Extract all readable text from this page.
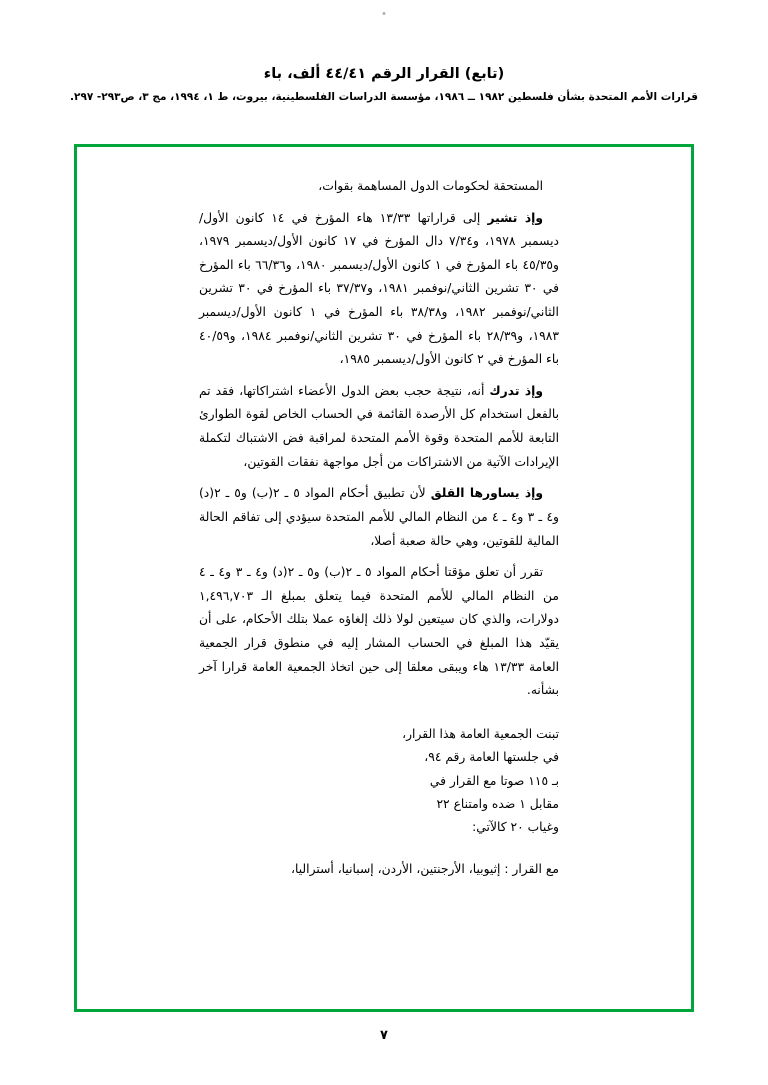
(تابع) القرار الرقم ٤٤/٤١ ألف، باء
قرارات الأمم المتحدة بشأن فلسطين ١٩٨٢ ــ ١٩٨٦، مؤسسة الدراسات الفلسطينية، بيروت، ط ١، ١٩٩٤، مج ٣، ص٢٩٣- ٢٩٧.

المستحقة لحكومات الدول المساهمة بقوات،

وإذ تشير إلى قراراتها ١٣/٣٣ هاء المؤرخ في ١٤ كانون الأول/ديسمبر ١٩٧٨، و٧/٣٤ دال المؤرخ في ١٧ كانون الأول/ديسمبر ١٩٧٩، و٤٥/٣٥ باء المؤرخ في ١ كانون الأول/ديسمبر ١٩٨٠، و٦٦/٣٦ باء المؤرخ في ٣٠ تشرين الثاني/نوفمبر ١٩٨١، و٣٧/٣٧ باء المؤرخ في ٣٠ تشرين الثاني/نوفمبر ١٩٨٢، و٣٨/٣٨ باء المؤرخ في ١ كانون الأول/ديسمبر ١٩٨٣، و٢٨/٣٩ باء المؤرخ في ٣٠ تشرين الثاني/نوفمبر ١٩٨٤، و٤٠/٥٩ باء المؤرخ في ٢ كانون الأول/ديسمبر ١٩٨٥،

وإذ تدرك أنه، نتيجة حجب بعض الدول الأعضاء اشتراكاتها، فقد تم بالفعل استخدام كل الأرصدة القائمة في الحساب الخاص لقوة الطوارئ التابعة للأمم المتحدة وقوة الأمم المتحدة لمراقبة فض الاشتباك لتكملة الإيرادات الآتية من الاشتراكات من أجل مواجهة نفقات القوتين،

وإذ يساورها القلق لأن تطبيق أحكام المواد ٥ ـ ٢(ب) و٥ ـ ٢(د) و٤ ـ ٣ و٤ ـ ٤ من النظام المالي للأمم المتحدة سيؤدي إلى تفاقم الحالة المالية للقوتين، وهي حالة صعبة أصلا،

تقرر أن تعلق مؤقتا أحكام المواد ٥ ـ ٢(ب) و٥ ـ ٢(د) و٤ ـ ٣ و٤ ـ ٤ من النظام المالي للأمم المتحدة فيما يتعلق بمبلغ الـ ١,٤٩٦,٧٠٣ دولارات، والذي كان سيتعين لولا ذلك إلغاؤه عملا بتلك الأحكام، على أن يقيّد هذا المبلغ في الحساب المشار إليه في منطوق قرار الجمعية العامة ١٣/٣٣ هاء ويبقى معلقا إلى حين اتخاذ الجمعية العامة قرارا آخر بشأنه.

تبنت الجمعية العامة هذا القرار،
في جلستها العامة رقم ٩٤،
بـ ١١٥ صوتا مع القرار في
مقابل ١ ضده وامتناع ٢٢
وغياب ٢٠ كالآتي:
مع القرار : إثيوبيا، الأرجنتين، الأردن، إسبانيا، أستراليا،
٧
